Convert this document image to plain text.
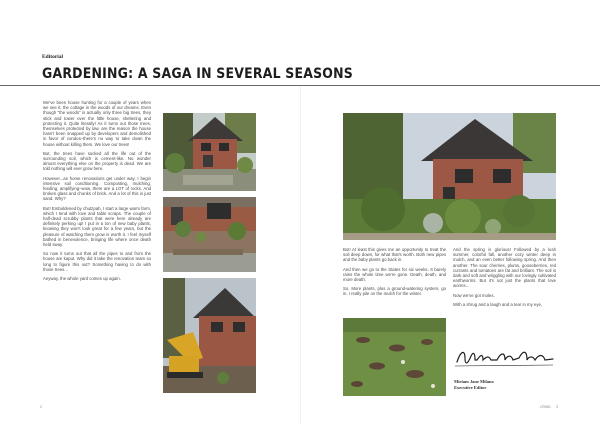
Editorial
GARDENING: A SAGA IN SEVERAL SEASONS

We've been house hunting for a couple of years when we see it, the cottage in the woods of our dreams. Even though "the woods" is actually only three big trees, they stick and tower over the little house, sheltering and protecting it. Quite literally! As it turns out those trees, themselves protected by law, are the reason the house hasn't been snapped up by developers and demolished in favor of condos–there's no way to take down the house without killing them. We love our trees!

But, the trees have sucked all the life out of the surrounding soil, which is cement-like. No wonder almost everything else on the property is dead. We are told nothing will ever grow here.

However...as home renovations get under way, I begin intensive soil conditioning. Composting, mulching, feeding, amplifying–wow, there are a LOT of rocks. And broken glass and chunks of brick. And a lot of this is just sand. Why?

But! Emboldened by chutzpah, I start a large warm farm, which I tend with love and table scraps. The couple of half-dead scrubby plants that were here already are definitely perking up! I put in a ton of new baby plants, knowing they won't look great for a few years, but the pleasure of watching them grow is worth it. I feel myself bathed in benevolence, bringing life where once death held sway.

So now it turns out that all the pipes to and from the house are kaput. Why did it take the renovation team so long to figure this out? Something having to do with those trees...

Anyway, the whole yard comes up again.

But! At least this gives me an opportunity to treat the soil deep down, for what that's worth. Both new pipes and the baby plants go back in.

And then we go to the States for six weeks. It barely rains the whole time we're gone. Death, death, and more death.

So. More plants, plus a ground-watering system, go in. I really pile on the mulch for the winter.

And the spring is glorious! Followed by a lush summer, colorful fall, another cozy winter deep in mulch, and an even better following spring. And then another. The sour cherries, plums, gooseberries, red currants and tomatoes are fat and brilliant. The soil is dark and soft and wriggling with our lovingly cultivated earthworms. But it's not just the plants that love worms...

Now we've got moles.

With a shrug and a laugh and a tear in my eye,

Miriam Jane Milano
Executive Editor
2	CRWD 3
